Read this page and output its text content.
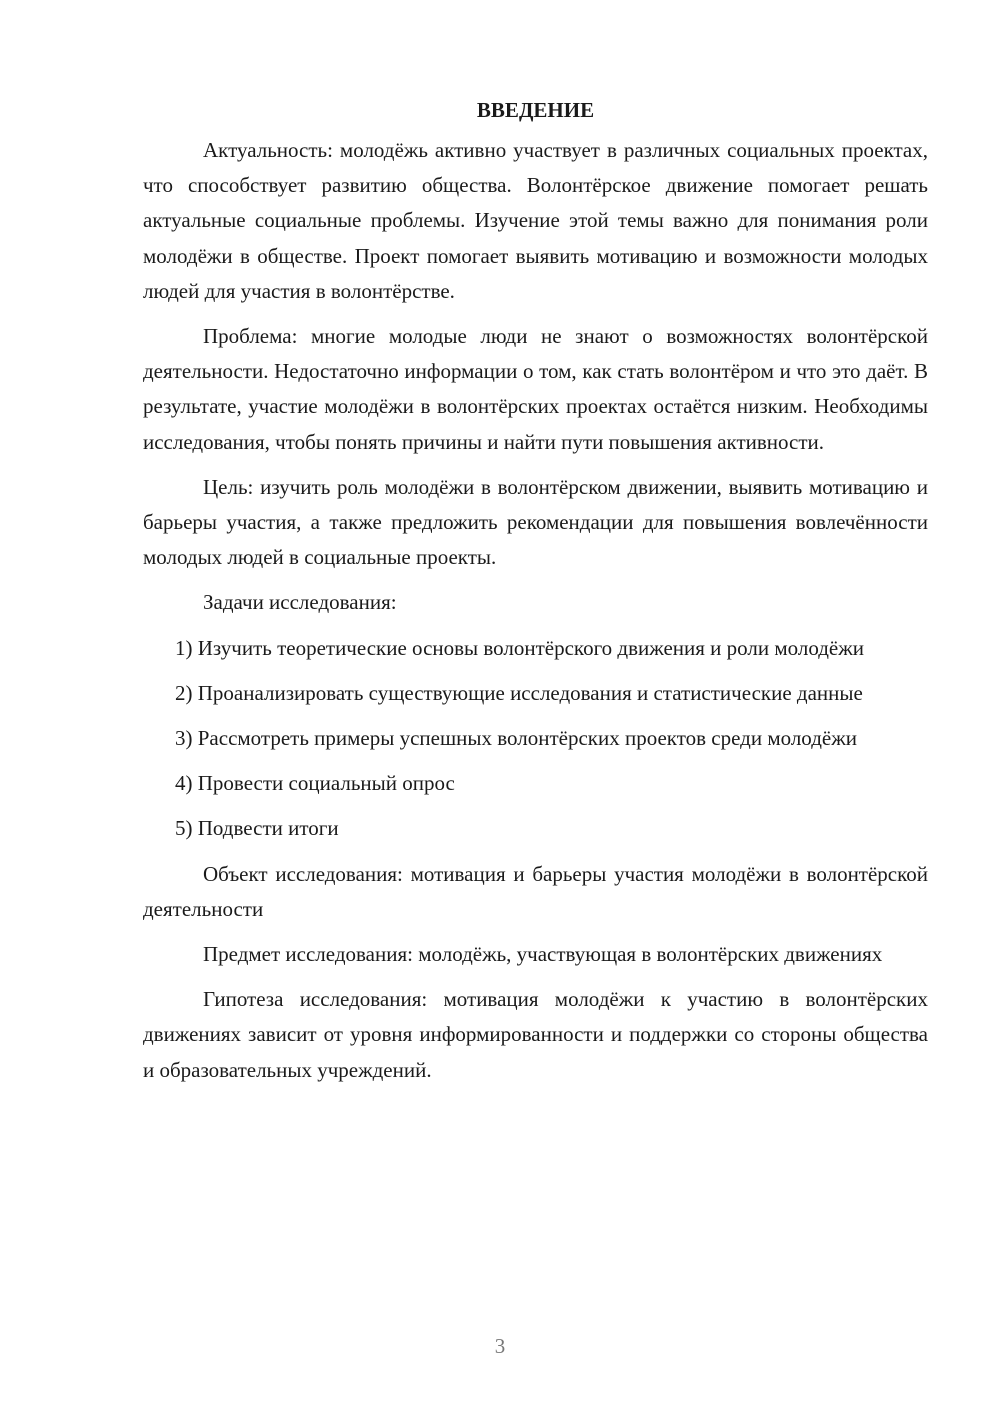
ВВЕДЕНИЕ

Актуальность: молодёжь активно участвует в различных социальных проектах, что способствует развитию общества. Волонтёрское движение помогает решать актуальные социальные проблемы. Изучение этой темы важно для понимания роли молодёжи в обществе. Проект помогает выявить мотивацию и возможности молодых людей для участия в волонтёрстве.

Проблема: многие молодые люди не знают о возможностях волонтёрской деятельности. Недостаточно информации о том, как стать волонтёром и что это даёт. В результате, участие молодёжи в волонтёрских проектах остаётся низким. Необходимы исследования, чтобы понять причины и найти пути повышения активности.

Цель: изучить роль молодёжи в волонтёрском движении, выявить мотивацию и барьеры участия, а также предложить рекомендации для повышения вовлечённости молодых людей в социальные проекты.

Задачи исследования:

1) Изучить теоретические основы волонтёрского движения и роли молодёжи

2) Проанализировать существующие исследования и статистические данные

3) Рассмотреть примеры успешных волонтёрских проектов среди молодёжи

4) Провести социальный опрос

5) Подвести итоги

Объект исследования: мотивация и барьеры участия молодёжи в волонтёрской деятельности

Предмет исследования: молодёжь, участвующая в волонтёрских движениях

Гипотеза исследования: мотивация молодёжи к участию в волонтёрских движениях зависит от уровня информированности и поддержки со стороны общества и образовательных учреждений.

3
